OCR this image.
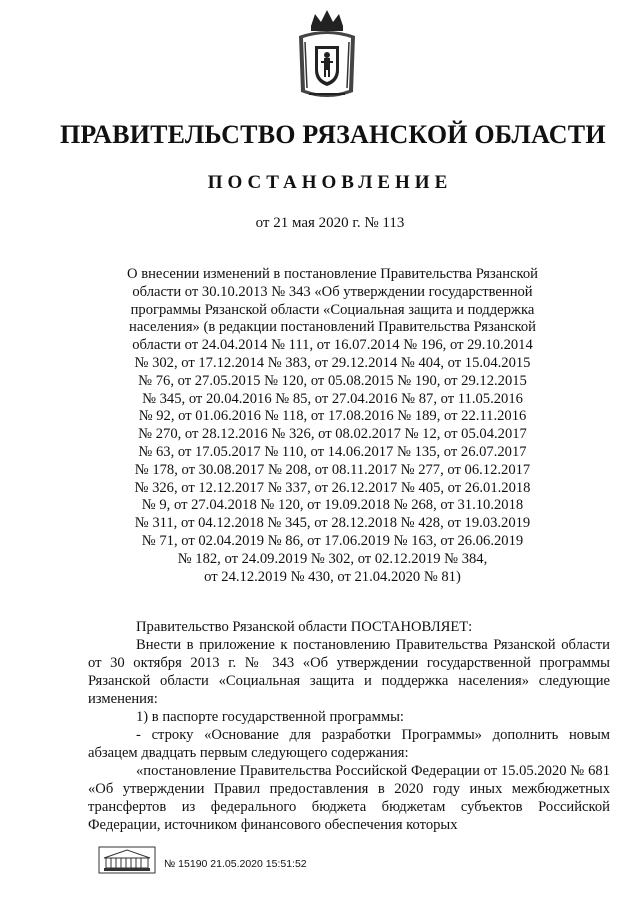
ПРАВИТЕЛЬСТВО РЯЗАНСКОЙ ОБЛАСТИ
ПОСТАНОВЛЕНИЕ
от 21 мая 2020 г. № 113
О внесении изменений в постановление Правительства Рязанской
области от 30.10.2013 № 343 «Об утверждении государственной
программы Рязанской области «Социальная защита и поддержка
населения» (в редакции постановлений Правительства Рязанской
области от 24.04.2014 № 111, от 16.07.2014 № 196, от 29.10.2014
№ 302, от 17.12.2014 № 383, от 29.12.2014 № 404, от 15.04.2015
№ 76, от 27.05.2015 № 120, от 05.08.2015 № 190, от 29.12.2015
№ 345, от 20.04.2016 № 85, от 27.04.2016 № 87, от 11.05.2016
№ 92, от 01.06.2016 № 118, от 17.08.2016 № 189, от 22.11.2016
№ 270, от 28.12.2016 № 326, от 08.02.2017 № 12, от 05.04.2017
№ 63, от 17.05.2017 № 110, от 14.06.2017 № 135, от 26.07.2017
№ 178, от 30.08.2017 № 208, от 08.11.2017 № 277, от 06.12.2017
№ 326, от 12.12.2017 № 337, от 26.12.2017 № 405, от 26.01.2018
№ 9, от 27.04.2018 № 120, от 19.09.2018 № 268, от 31.10.2018
№ 311, от 04.12.2018 № 345, от 28.12.2018 № 428, от 19.03.2019
№ 71, от 02.04.2019 № 86, от 17.06.2019 № 163, от 26.06.2019
№ 182, от 24.09.2019 № 302, от 02.12.2019 № 384,
от 24.12.2019 № 430, от 21.04.2020 № 81)

Правительство Рязанской области ПОСТАНОВЛЯЕТ:

Внести в приложение к постановлению Правительства Рязанской области от 30 октября 2013 г. № 343 «Об утверждении государственной программы Рязанской области «Социальная защита и поддержка населения» следующие изменения:

1) в паспорте государственной программы:

- строку «Основание для разработки Программы» дополнить новым абзацем двадцать первым следующего содержания:

«постановление Правительства Российской Федерации от 15.05.2020 № 681 «Об утверждении Правил предоставления в 2020 году иных межбюджетных трансфертов из федерального бюджета бюджетам субъектов Российской Федерации, источником финансового обеспечения которых

№ 15190 21.05.2020 15:51:52
